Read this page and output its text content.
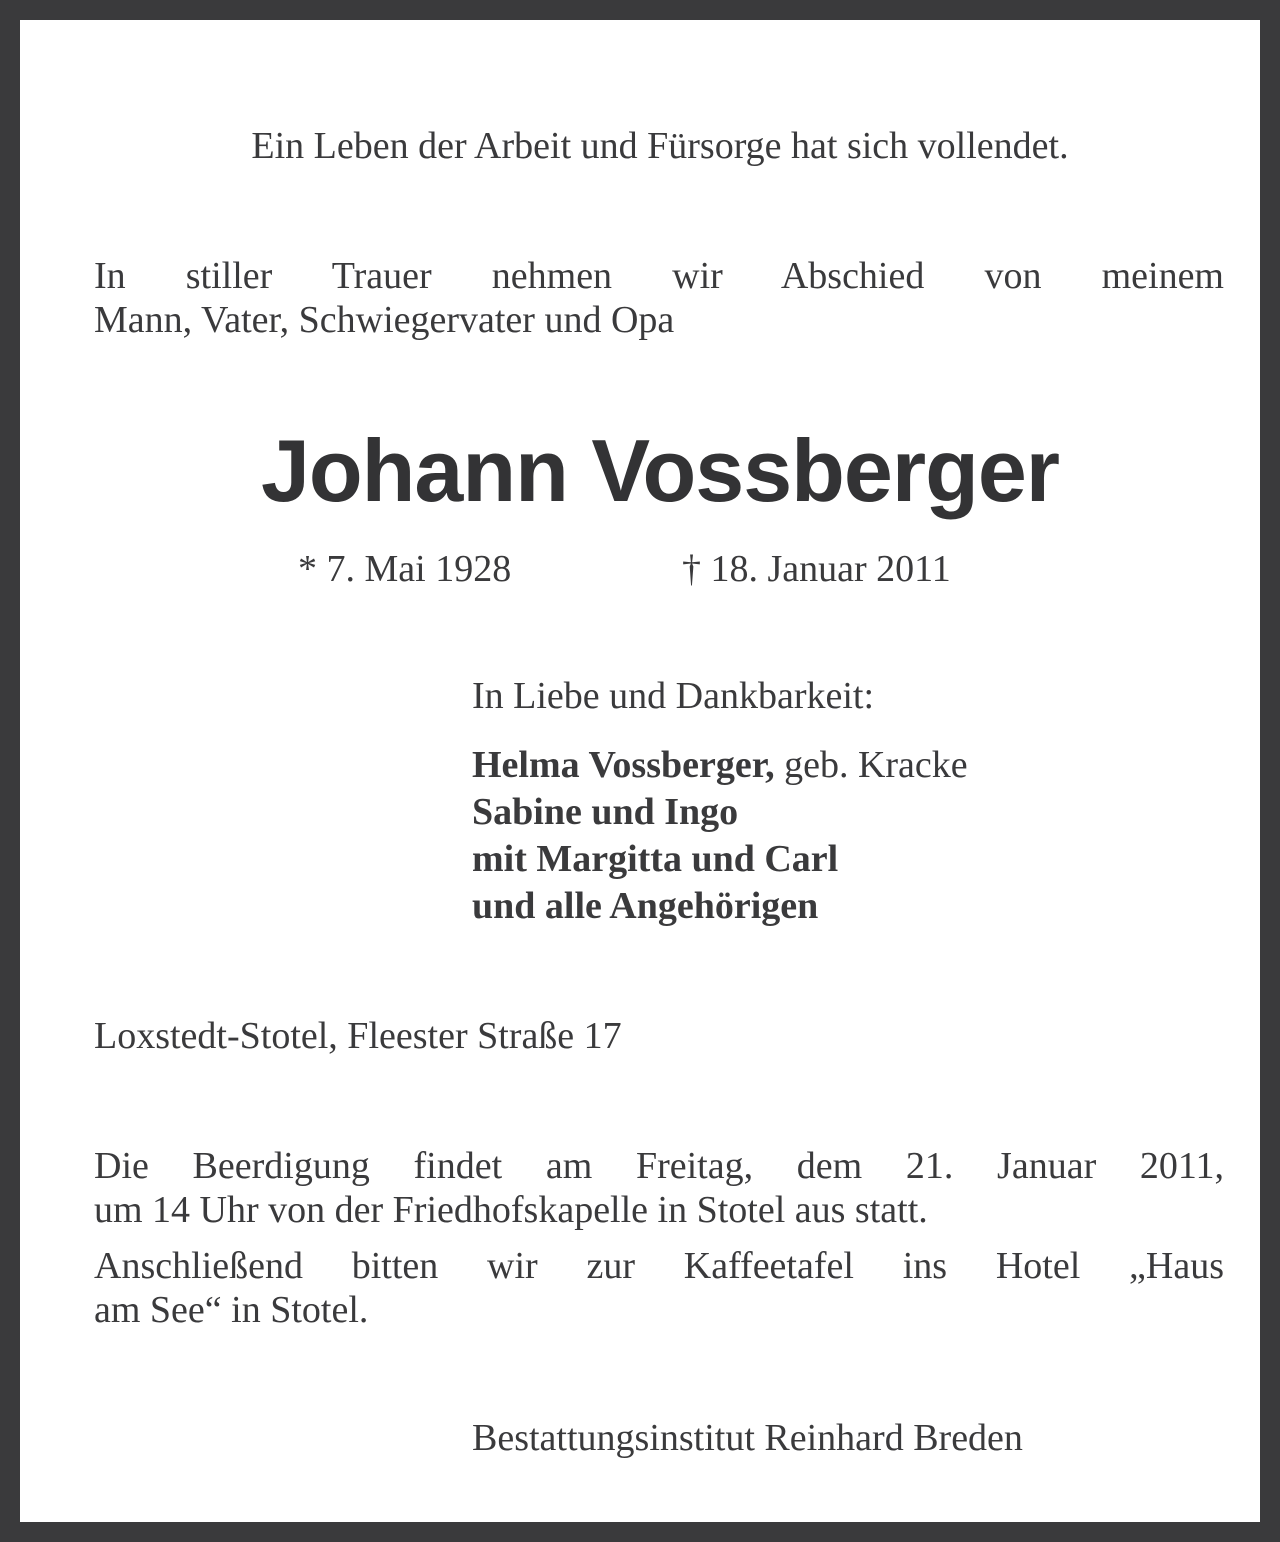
Ein Leben der Arbeit und Fürsorge hat sich vollendet.

In stiller Trauer nehmen wir Abschied von meinem
Mann, Vater, Schwiegervater und Opa
Johann Vossberger
* 7. Mai 1928	† 18. Januar 2011

In Liebe und Dankbarkeit:

Helma Vossberger, geb. Kracke
Sabine und Ingo
mit Margitta und Carl
und alle Angehörigen

Loxstedt-Stotel, Fleester Straße 17

Die Beerdigung findet am Freitag, dem 21. Januar 2011,
um 14 Uhr von der Friedhofskapelle in Stotel aus statt.
Anschließend bitten wir zur Kaffeetafel ins Hotel „Haus
am See“ in Stotel.

Bestattungsinstitut Reinhard Breden
